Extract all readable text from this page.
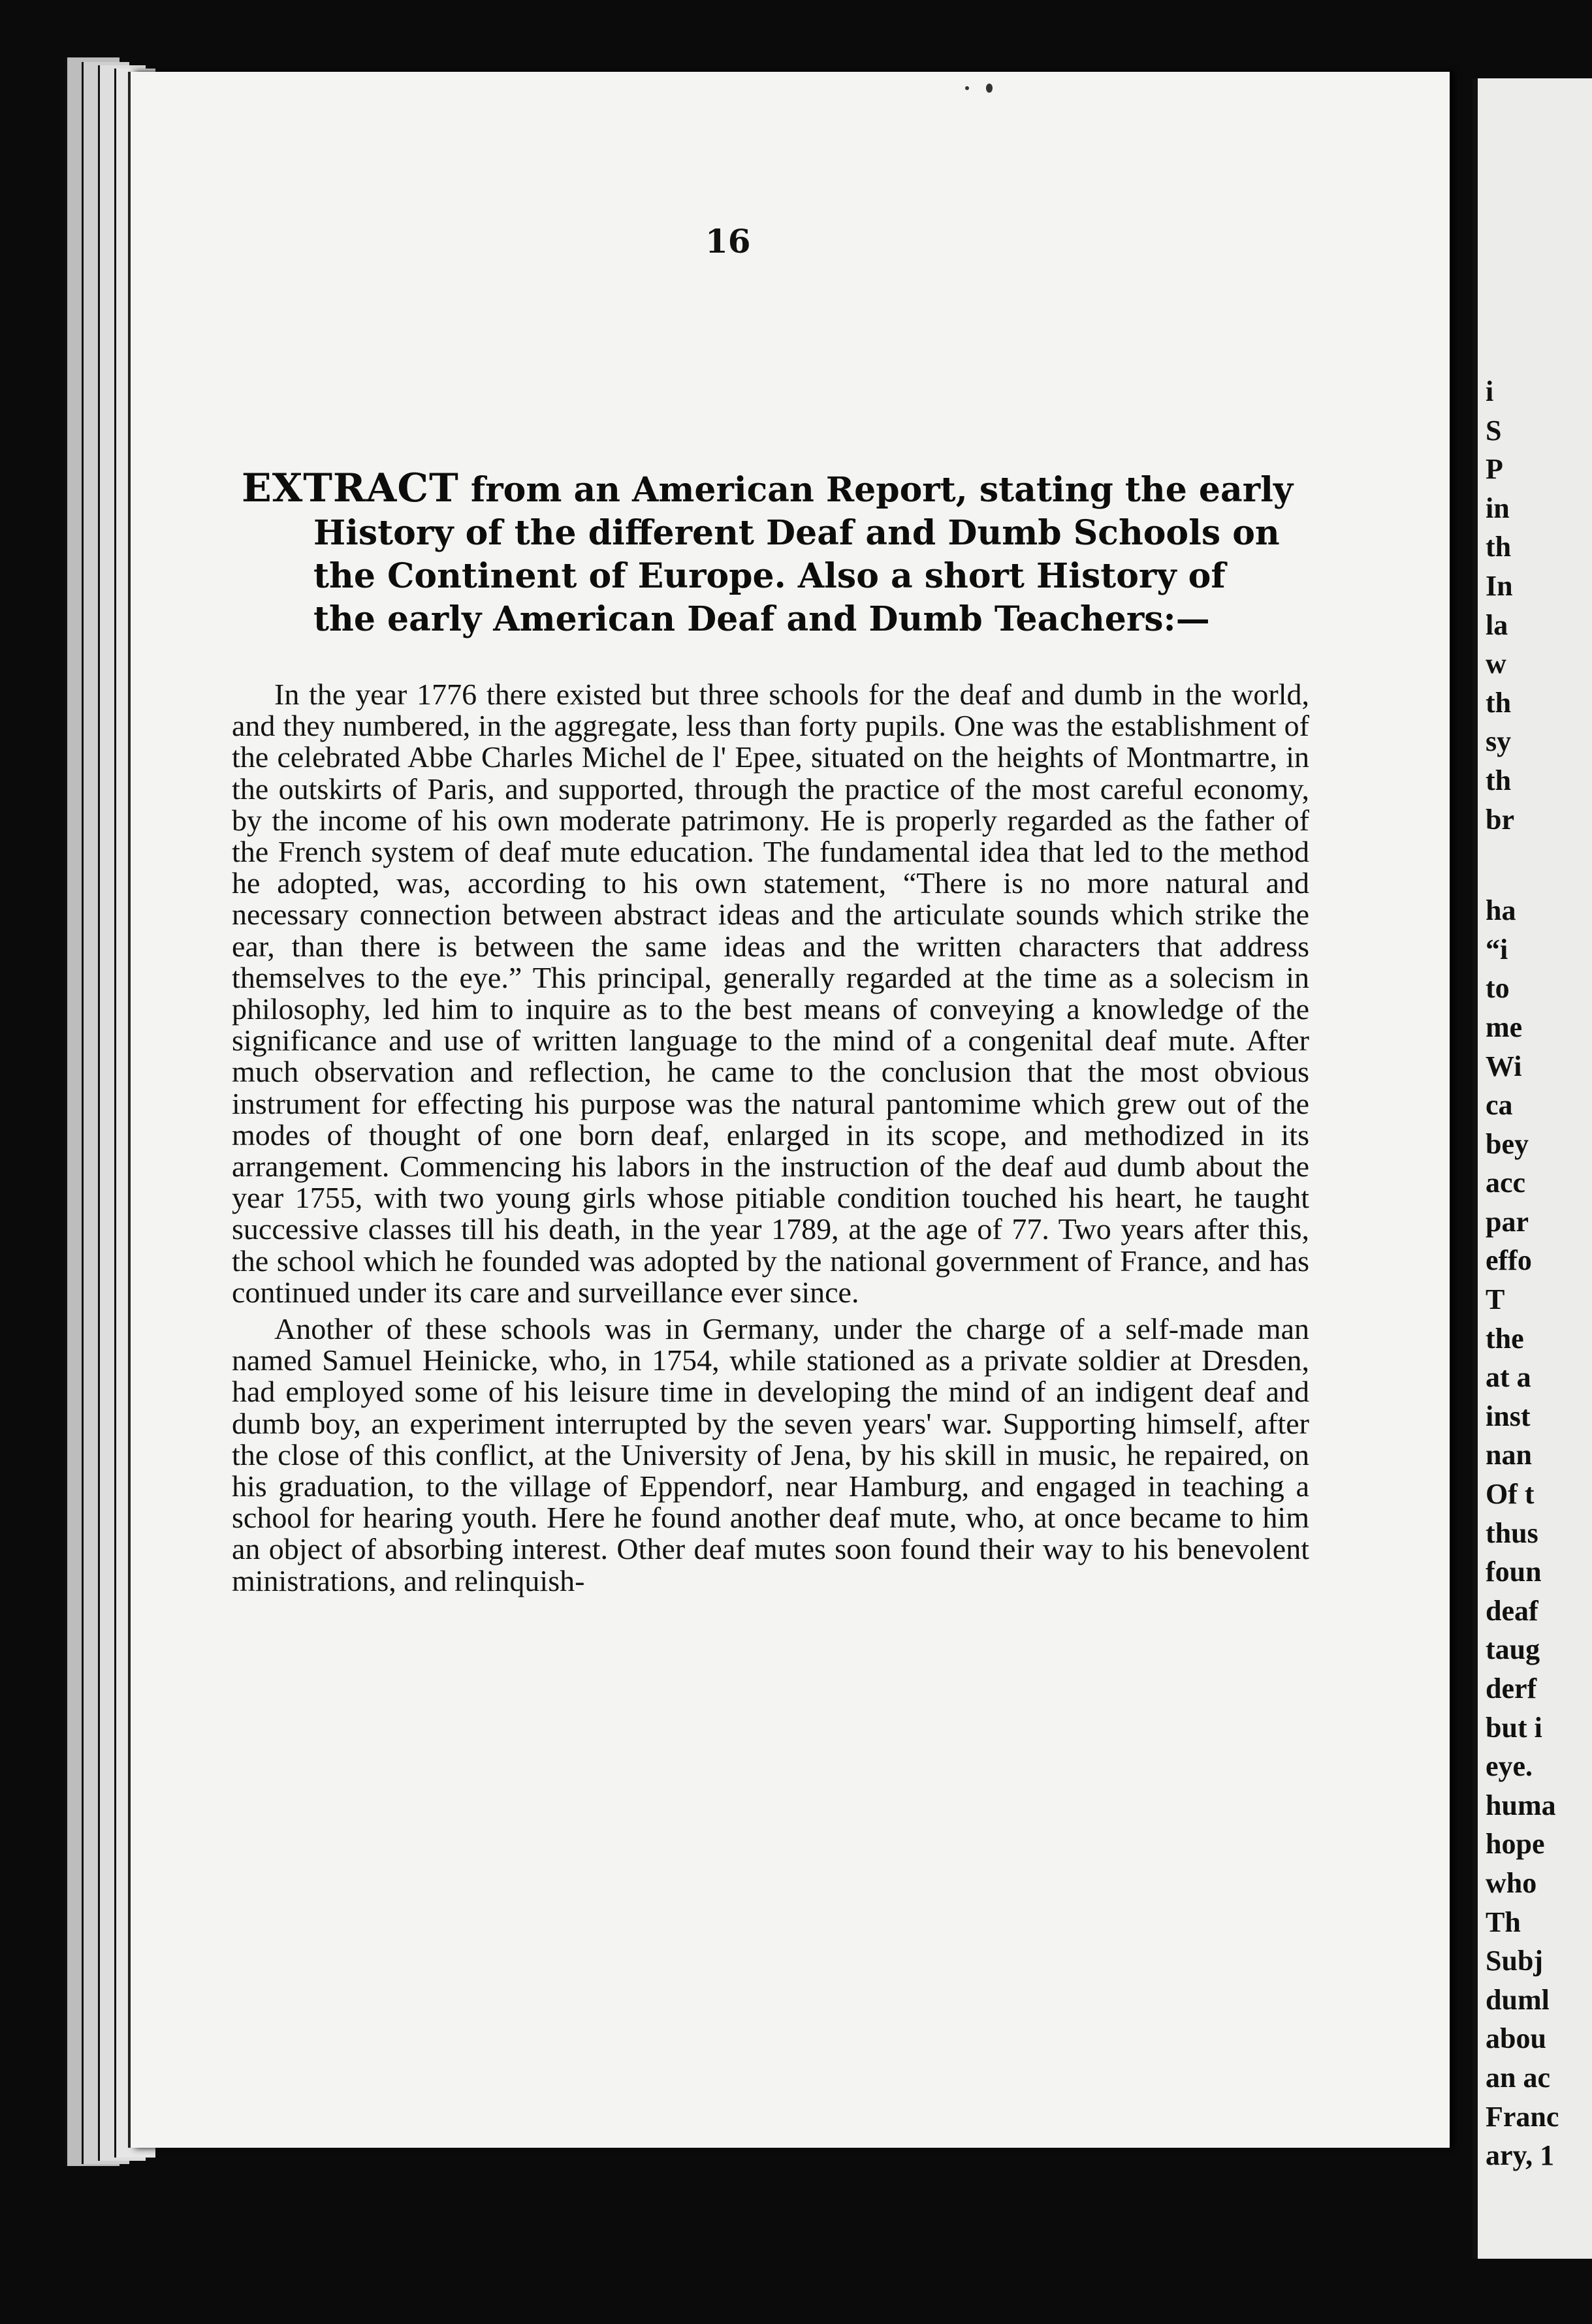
i
S
P
in
th
In
la
w
th
sy
th
br
ha
“i
to
me
Wi
ca
bey
acc
par
effo
T
the
at a
inst
nan
Of t
thus
foun
deaf
taug
derf
but i
eye.
huma
hope
who
Th
Subj
duml
abou
an ac
Franc
ary, 1
16
EXTRACT from an American Report, stating the early
History of the different Deaf and Dumb Schools on
the Continent of Europe. Also a short History of
the early American Deaf and Dumb Teachers:—

In the year 1776 there existed but three schools for the deaf and dumb in the world, and they numbered, in the aggregate, less than forty pupils. One was the establishment of the celebrated Abbe Charles Michel de l' Epee, situated on the heights of Montmartre, in the outskirts of Paris, and supported, through the practice of the most careful economy, by the income of his own moderate patrimony. He is properly regarded as the father of the French system of deaf mute education. The fundamental idea that led to the method he adopted, was, according to his own statement, “There is no more natural and necessary connection between abstract ideas and the articulate sounds which strike the ear, than there is between the same ideas and the written characters that address themselves to the eye.” This principal, generally regarded at the time as a solecism in philosophy, led him to inquire as to the best means of conveying a knowledge of the significance and use of written language to the mind of a congenital deaf mute. After much observation and reflection, he came to the conclusion that the most obvious instrument for effecting his purpose was the natural pantomime which grew out of the modes of thought of one born deaf, enlarged in its scope, and methodized in its arrangement. Commencing his labors in the instruction of the deaf aud dumb about the year 1755, with two young girls whose pitiable condition touched his heart, he taught successive classes till his death, in the year 1789, at the age of 77. Two years after this, the school which he founded was adopted by the national government of France, and has continued under its care and surveillance ever since.

Another of these schools was in Germany, under the charge of a self-made man named Samuel Heinicke, who, in 1754, while stationed as a private soldier at Dresden, had employed some of his leisure time in developing the mind of an indigent deaf and dumb boy, an experiment interrupted by the seven years' war. Supporting himself, after the close of this conflict, at the University of Jena, by his skill in music, he repaired, on his graduation, to the village of Eppendorf, near Hamburg, and engaged in teaching a school for hearing youth. Here he found another deaf mute, who, at once became to him an object of absorbing interest. Other deaf mutes soon found their way to his benevolent ministrations, and relinquish-
